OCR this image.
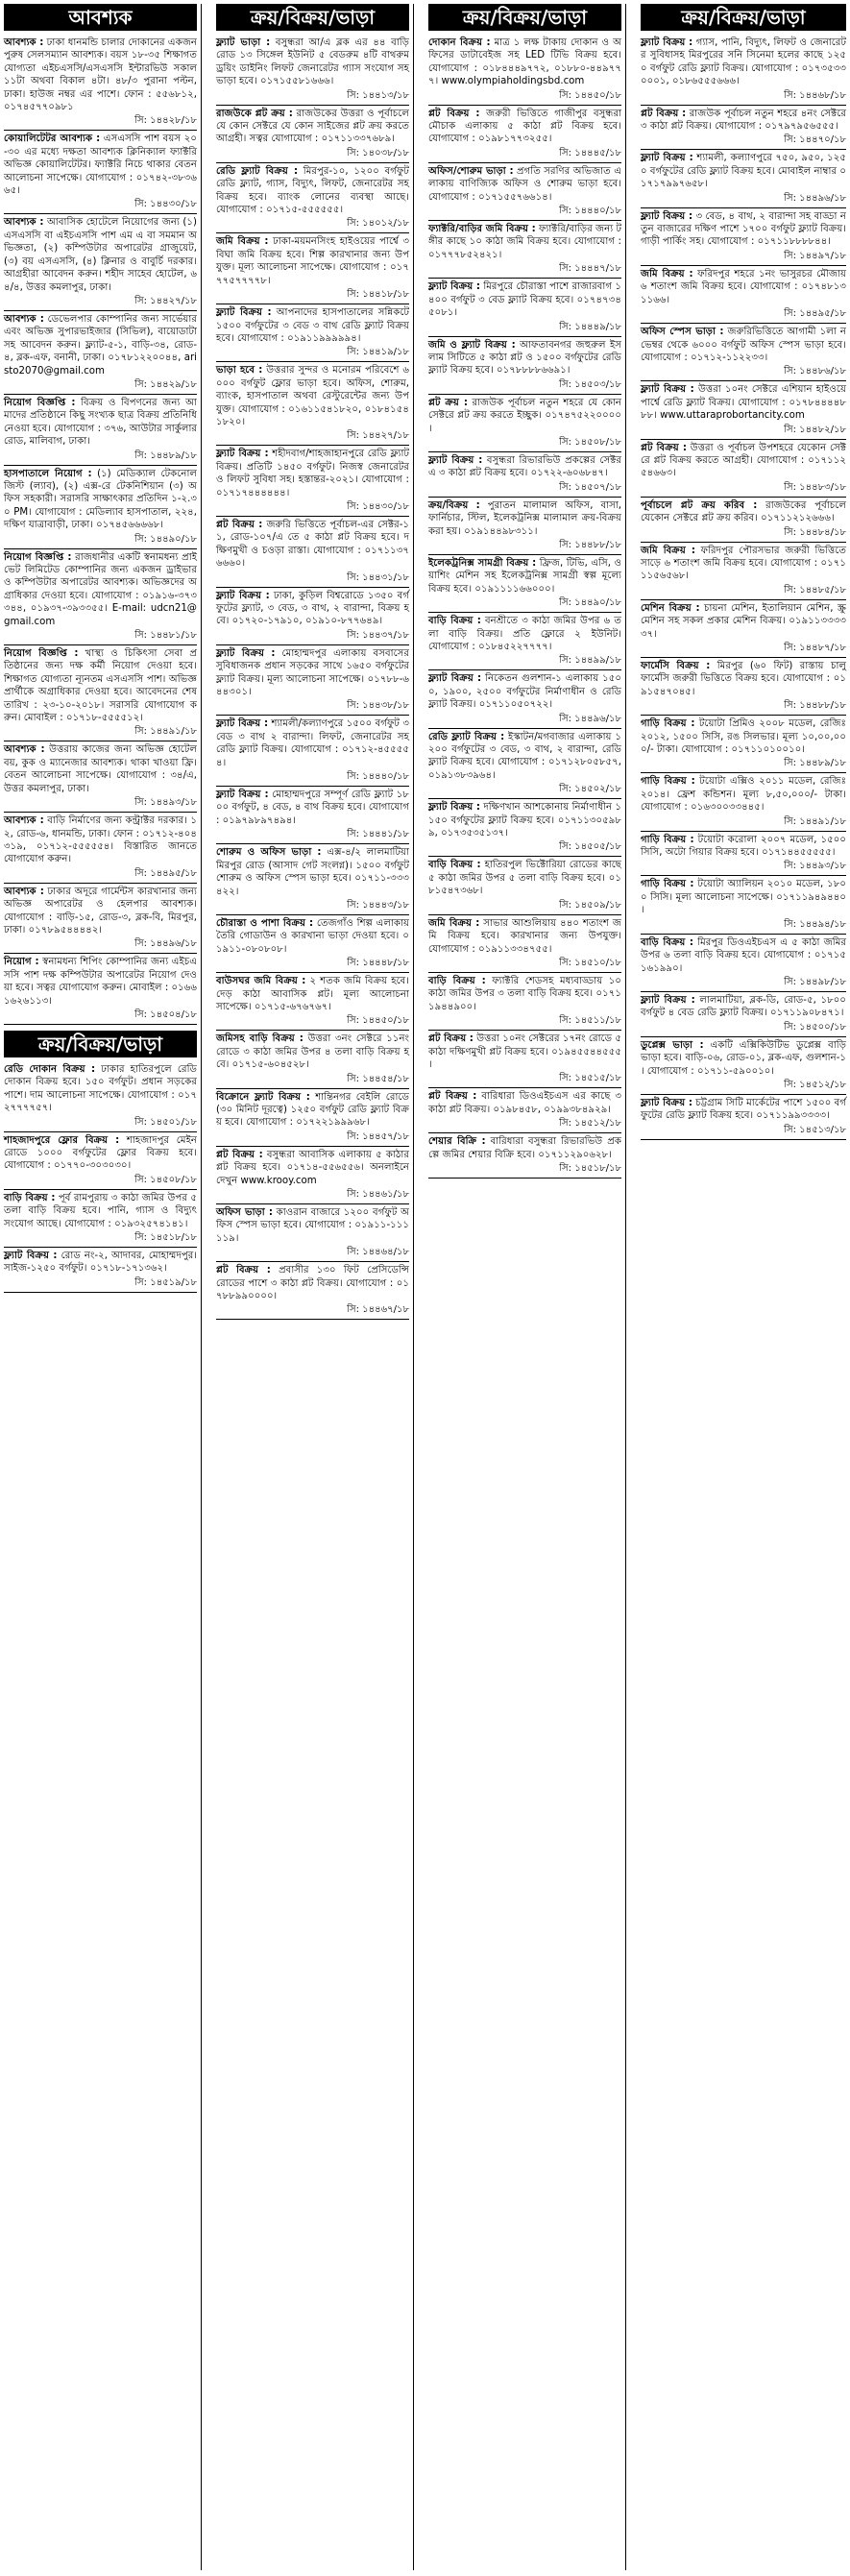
আবশ্যক
আবশ্যক : ঢাকা ধানমন্ডি চালার দোকানের একজন পুরুষ সেলসম্যান আবশ্যক। বয়স ১৮-৩৫ শিক্ষাগত যোগ্যতা এইচএসসি/এসএসসি ইন্টারভিউ সকাল ১১টা অথবা বিকাল ৪টা। ৪৮/৩ পুরানা পল্টন, ঢাকা। হাউজ নম্বর এর পাশে। ফোন : ৫৫৬৮১২, ০১৭৪৫৭৭০৯৮১
সি: ১৪৪২৮/১৮
কোয়ালিটেটর আবশ্যক : এসএসসি পাশ বয়স ২০-৩০ এর মধ্যে দক্ষতা আবশ্যক ক্লিনিক্যাল ফ্যাক্টরি অভিজ্ঞ কোয়ালিটেটর। ফ্যাক্টরি নিচে থাকার বেতন আলোচনা সাপেক্ষে। যোগাযোগ : ০১৭৪২-৩৮৩৬৬৫।
সি: ১৪৪৩০/১৮
আবশ্যক : আবাসিক হোটেলে নিয়োগের জন্য (১) এসএসসি বা এইচএসসি পাশ এম এ বা সমমান অভিজ্ঞতা, (২) কম্পিউটার অপারেটর গ্রাজুয়েট, (৩) বয় এসএসসি, (৪) ক্লিনার ও বাবুর্চি দরকার। আগ্রহীরা আবেদন করুন। শহীদ সাহেব হোটেল, ৬৪/৪, উত্তর কমলাপুর, ঢাকা।
সি: ১৪৪২৭/১৮
আবশ্যক : ডেভেলপার কোম্পানির জন্য সার্ভেয়ার এবং অভিজ্ঞ সুপারভাইজার (সিভিল), বায়োডাটা সহ আবেদন করুন। ফ্ল্যাট-৫-১, বাড়ি-৩৪, রোড-৪, ব্লক-এফ, বনানী, ঢাকা। ০১৭৮১২২০০৪৪, aristo2070@gmail.com
সি: ১৪৪২৯/১৮
নিয়োগ বিজ্ঞপ্তি : বিক্রয় ও বিপণনের জন্য আমাদের প্রতিষ্ঠানে কিছু সংখ্যক ছাত্র বিক্রয় প্রতিনিধি নেওয়া হবে। যোগাযোগ : ৩৭৬, আউটার সার্কুলার রোড, মালিবাগ, ঢাকা।
সি: ১৪৪৮৯/১৮
হাসপাতালে নিয়োগ : (১) মেডিক্যাল টেকনোলজিস্ট (ল্যাব), (২) এক্স-রে টেকনিশিয়ান (৩) অফিস সহকারী। সরাসরি সাক্ষাৎকার প্রতিদিন ১-২.৩০ PM। যোগাযোগ : মেডিল্যাব হাসপাতাল, ২২৪, দক্ষিণ যাত্রাবাড়ী, ঢাকা। ০১৭৪৫৬৬৬৬৮।
সি: ১৪৪৯০/১৮
নিয়োগ বিজ্ঞপ্তি : রাজধানীর একটি স্বনামধন্য প্রাইভেট লিমিটেড কোম্পানির জন্য একজন ড্রাইভার ও কম্পিউটার অপারেটর আবশ্যক। অভিজ্ঞদের অগ্রাধিকার দেওয়া হবে। যোগাযোগ : ০১৯১৬-৩৭৩৩৪৪, ০১৯৩৭-৩৯৩৩৫৫। E-mail: udcn21@gmail.com
সি: ১৪৪৮১/১৮
নিয়োগ বিজ্ঞপ্তি : খাস্থ্য ও চিকিৎসা সেবা প্রতিষ্ঠানের জন্য দক্ষ কর্মী নিয়োগ দেওয়া হবে। শিক্ষাগত যোগ্যতা ন্যূনতম এসএসসি পাশ। অভিজ্ঞ প্রার্থীকে অগ্রাধিকার দেওয়া হবে। আবেদনের শেষ তারিখ : ২৩-১০-২০১৮। সরাসরি যোগাযোগ করুন। মোবাইল : ০১৭১৮-৫৫৫৫১২।
সি: ১৪৪৯১/১৮
আবশ্যক : উত্তরায় কাজের জন্য অভিজ্ঞ হোটেল বয়, কুক ও ম্যানেজার আবশ্যক। থাকা খাওয়া ফ্রি। বেতন আলোচনা সাপেক্ষে। যোগাযোগ : ৩৪/এ, উত্তর কমলাপুর, ঢাকা।
সি: ১৪৪৯৩/১৮
আবশ্যক : বাড়ি নির্মাণের জন্য কন্ট্রাক্টর দরকার। ১২, রোড-৬, ধানমন্ডি, ঢাকা। ফোন : ০১৭১২-৪০৪৩১৯, ০১৭১২-৫৫৫৫৫৪। বিস্তারিত জানতে যোগাযোগ করুন।
সি: ১৪৪৯৫/১৮
আবশ্যক : ঢাকার অদূরে গার্মেন্টস কারখানার জন্য অভিজ্ঞ অপারেটর ও হেলপার আবশ্যক। যোগাযোগ : বাড়ি-১৫, রোড-৩, ব্লক-বি, মিরপুর, ঢাকা। ০১৭৮৯৫৪৪৪৪২।
সি: ১৪৪৯৬/১৮
নিয়োগ : স্বনামধন্য শিপিং কোম্পানির জন্য এইচএসসি পাশ দক্ষ কম্পিউটার অপারেটর নিয়োগ দেওয়া হবে। সত্বর যোগাযোগ করুন। মোবাইল : ০১৬৬১৬২৬১১৩।
সি: ১৪৫০৪/১৮
ক্রয়/বিক্রয়/ভাড়া
রেডি দোকান বিক্রয় : ঢাকার হাতিরপুলে রেডি দোকান বিক্রয় হবে। ১৫০ বর্গফুট। প্রধান সড়কের পাশে। দাম আলোচনা সাপেক্ষে। যোগাযোগ : ০১৭২৭৭৭৭৫৭।
সি: ১৪৫০১/১৮
শাহজাদপুরে ফ্লোর বিক্রয় : শাহজাদপুর মেইন রোডে ১০০০ বর্গফুটের ফ্লোর বিক্রয় হবে। যোগাযোগ : ০১৭৭০-৩০৩০৩০।
সি: ১৪৫০৮/১৮
বাড়ি বিক্রয় : পূর্ব রামপুরায় ৩ কাঠা জমির উপর ৫ তলা বাড়ি বিক্রয় হবে। পানি, গ্যাস ও বিদ্যুৎ সংযোগ আছে। যোগাযোগ : ০১৯৩২৫৭৪১৪১।
সি: ১৪৫১৮/১৮
ফ্ল্যাট বিক্রয় : রোড নং-২, আদাবর, মোহাম্মদপুর। সাইজ-১২৫০ বর্গফুট। ০১৭১৮-১৭১৩৬২।
সি: ১৪৫১৯/১৮
ক্রয়/বিক্রয়/ভাড়া
ফ্ল্যাট ভাড়া : বসুন্ধরা আ/এ ব্লক এর ৪৪ বাড়ি রোড ১৩ সিঙ্গেল ইউনিট ৫ বেডরুম ৪টি বাথরুম ড্রয়িং ডাইনিং লিফট জেনারেটর গ্যাস সংযোগ সহ ভাড়া হবে। ০১৭১৫৫৮১৬৬৬।
সি: ১৪৪১৩/১৮
রাজউকে প্লট ক্রয় : রাজউকের উত্তরা ও পূর্বাচলে যে কোন সেক্টরে যে কোন সাইজের প্লট ক্রয় করতে আগ্রহী। সত্বর যোগাযোগ : ০১৭১১৩৩৭৬৮৯।
সি: ১৪০৩৮/১৮
রেডি ফ্ল্যাট বিক্রয় : মিরপুর-১০, ১২০০ বর্গফুট রেডি ফ্ল্যাট, গ্যাস, বিদ্যুৎ, লিফট, জেনারেটর সহ বিক্রয় হবে। ব্যাংক লোনের ব্যবস্থা আছে। যোগাযোগ : ০১৭১৫-৫৫৫৫৫৫।
সি: ১৪০১২/১৮
জমি বিক্রয় : ঢাকা-ময়মনসিংহ হাইওয়ের পার্শ্বে ৩ বিঘা জমি বিক্রয় হবে। শিল্প কারখানার জন্য উপযুক্ত। মূল্য আলোচনা সাপেক্ষে। যোগাযোগ : ০১৭৭৭৫৭৭৭৭৮।
সি: ১৪৪১৮/১৮
ফ্ল্যাট বিক্রয় : আপনাদের হাসপাতালের সন্নিকটে ১৫০০ বর্গফুটের ৩ বেড ৩ বাথ রেডি ফ্ল্যাট বিক্রয় হবে। যোগাযোগ : ০১৯১১৯৯৯৯৯৪।
সি: ১৪৪১৯/১৮
ভাড়া হবে : উত্তরার সুন্দর ও মনোরম পরিবেশে ৬০০০ বর্গফুট ফ্লোর ভাড়া হবে। অফিস, শোরুম, ব্যাংক, হাসপাতাল অথবা রেস্টুরেন্টের জন্য উপযুক্ত। যোগাযোগ : ০১৬১১৫৪১৮২০, ০১৮৪১৫৪১৮২০।
সি: ১৪৪২৭/১৮
ফ্ল্যাট বিক্রয় : শহীদবাগ/শাহজাহানপুরে রেডি ফ্ল্যাট বিক্রয়। প্রতিটি ১৪৫০ বর্গফুট। নিজস্ব জেনারেটর ও লিফট সুবিধা সহ। হস্তান্তর-২০২১। যোগাযোগ : ০১৭১৭৪৪৪৪৪৪।
সি: ১৪৪৩০/১৮
প্লট বিক্রয় : জরুরি ভিত্তিতে পূর্বাচল-এর সেক্টর-১১, রোড-১০৭/এ তে ৫ কাঠা প্লট বিক্রয় হবে। দক্ষিণমুখী ও চওড়া রাস্তা। যোগাযোগ : ০১৭১১৩৭৬৬৬০।
সি: ১৪৪৩১/১৮
ফ্ল্যাট বিক্রয় : ঢাকা, কুড়িল বিশ্বরোডে ১৩৫০ বর্গফুটের ফ্ল্যাট, ৩ বেড, ৩ বাথ, ২ বারান্দা, বিক্রয় হবে। ০১৭২০-১৭৯১০, ০১৯১০-৮৭৭৬৪৯।
সি: ১৪৪৩৭/১৮
ফ্ল্যাট বিক্রয় : মোহাম্মদপুর এলাকায় বসবাসের সুবিধাজনক প্রধান সড়কের সাথে ১৬৫০ বর্গফুটের ফ্ল্যাট বিক্রয়। মূল্য আলোচনা সাপেক্ষে। ০১৭৮৮-৬৪৪৩০১।
সি: ১৪৪৩৮/১৮
ফ্ল্যাট বিক্রয় : শ্যামলী/কল্যাণপুরে ১৫০০ বর্গফুট ৩ বেড ৩ বাথ ২ বারান্দা। লিফট, জেনারেটর সহ রেডি ফ্ল্যাট বিক্রয়। যোগাযোগ : ০১৭১২-৪৫৫৫৫৪।
সি: ১৪৪৪০/১৮
ফ্ল্যাট বিক্রয় : মোহাম্মদপুরে সম্পূর্ণ রেডি ফ্ল্যাট ১৮০০ বর্গফুট, ৪ বেড, ৪ বাথ বিক্রয় হবে। যোগাযোগ : ০১৯৭৯৮৯৭৪৯৪।
সি: ১৪৪৪১/১৮
শোরুম ও অফিস ভাড়া : এক্স-৪/২ লালমাটিয়া মিরপুর রোড (আসাদ গেট সংলগ্ন)। ১৫০০ বর্গফুট শোরুম ও অফিস স্পেস ভাড়া হবে। ০১৭১১-৩৩৩৪২২।
সি: ১৪৪৪৩/১৮
চৌরাস্তা ও পাশা বিক্রয় : তেজগাঁও শিল্প এলাকায় তৈরি গোডাউন ও কারখানা ভাড়া দেওয়া হবে। ০১৯১১-০৮০৮০৮।
সি: ১৪৪৪৮/১৮
বাউসঘর জমি বিক্রয় : ২ শতক জমি বিক্রয় হবে। দেড় কাঠা আবাসিক প্লট। মূল্য আলোচনা সাপেক্ষে। ০১৭১৫-৬৭৬৭৬৭।
সি: ১৪৪৫০/১৮
জমিসহ বাড়ি বিক্রয় : উত্তরা ৩নং সেক্টরে ১১নং রোডে ৩ কাঠা জমির উপর ৪ তলা বাড়ি বিক্রয় হবে। ০১৭১৫-৬০৪৫২৮।
সি: ১৪৪৫৪/১৮
বিক্রোনে ফ্ল্যাট বিক্রয় : শান্তিনগর বেইলি রোডে (৩০ মিনিট দূরত্বে) ১২৫০ বর্গফুট রেডি ফ্ল্যাট বিক্রয় হবে। যোগাযোগ : ০১৭২২১৯৯৯৬৮।
সি: ১৪৪৫৭/১৮
প্লট বিক্রয় : বসুন্ধরা আবাসিক এলাকায় ৫ কাঠার প্লট বিক্রয় হবে। ০১৭১৪-৫৫৬৫৫৬। অনলাইনে দেখুন www.krooy.com
সি: ১৪৪৬১/১৮
অফিস ভাড়া : কাওরান বাজারে ১২০০ বর্গফুট অফিস স্পেস ভাড়া হবে। যোগাযোগ : ০১৯১১-১১১১১৯।
সি: ১৪৪৬৪/১৮
প্লট বিক্রয় : প্রবাসীর ১৩০ ফিট প্রেসিডেন্সি রোডের পাশে ৩ কাঠা প্লট বিক্রয়। যোগাযোগ : ০১৭৮৮৯৯০০০০।
সি: ১৪৪৬৭/১৮
ক্রয়/বিক্রয়/ভাড়া
দোকান বিক্রয় : মাত্র ১ লক্ষ টাকায় দোকান ও অফিসের ডাটাবেইজ সহ LED টিভি বিক্রয় হবে। যোগাযোগ : ০১৮৪৪৪৯৭৭২, ০১৮৮০-৪৪৯৭৭৭। www.olympiaholdingsbd.com
সি: ১৪৪৫০/১৮
প্লট বিক্রয় : জরুরী ভিত্তিতে গাজীপুর বসুন্ধরা মৌচাক এলাকায় ৫ কাঠা প্লট বিক্রয় হবে। যোগাযোগ : ০১৯৮১৭৭৩২৫৫।
সি: ১৪৪৪৫/১৮
অফিস/শোরুম ভাড়া : প্রগতি সরণির অভিজাত এলাকায় বাণিজ্যিক অফিস ও শোরুম ভাড়া হবে। যোগাযোগ : ০১৭১৫৫৭৬৬১৪।
সি: ১৪৪৪০/১৮
ফ্যাক্টরি/বাড়ির জমি বিক্রয় : ফ্যাক্টরি/বাড়ির জন্য টঙ্গীর কাছে ১০ কাঠা জমি বিক্রয় হবে। যোগাযোগ : ০১৭৭৭৮৫২৪২১।
সি: ১৪৪৪৭/১৮
ফ্ল্যাট বিক্রয় : মিরপুরে চৌরাস্তা পাশে রাজারবাগ ১৪০০ বর্গফুট ৩ বেড ফ্ল্যাট বিক্রয় হবে। ০১৭৪৭৩৪৫০৮১।
সি: ১৪৪৪৯/১৮
জমি ও ফ্ল্যাট বিক্রয় : আফতাবনগর জহুরুল ইসলাম সিটিতে ৫ কাঠা প্লট ও ১৫০০ বর্গফুটের রেডি ফ্ল্যাট বিক্রয় হবে। ০১৭৮৮৮৮৬৬৯১।
সি: ১৪৫০৩/১৮
প্লট ক্রয় : রাজউক পূর্বাচল নতুন শহরে যে কোন সেক্টরে প্লট ক্রয় করতে ইচ্ছুক। ০১৭৪৭৫২২০০০০।
সি: ১৪৫০৮/১৮
ফ্ল্যাট বিক্রয় : বসুন্ধরা রিভারভিউ প্রকল্পের সেক্টর এ ৩ কাঠা প্লট বিক্রয় হবে। ০১৭২২-৬০৬৮৪৭।
সি: ১৪৫০৭/১৮
ক্রয়/বিক্রয় : পুরাতন মালামাল অফিস, বাসা, ফার্নিচার, স্টিল, ইলেকট্রনিক্স মালামাল ক্রয়-বিক্রয় করা হয়। ০১৯১৪৪৯৮৩১১।
সি: ১৪৪৮৮/১৮
ইলেকট্রনিক্স সামগ্রী বিক্রয় : ফ্রিজ, টিভি, এসি, ওয়াশিং মেশিন সহ ইলেকট্রনিক্স সামগ্রী স্বল্প মূল্যে বিক্রয় হবে। ০১৯১১১১৬৬০০০।
সি: ১৪৪৯০/১৮
বাড়ি বিক্রয় : বনশ্রীতে ৩ কাঠা জমির উপর ৬ তলা বাড়ি বিক্রয়। প্রতি ফ্লোরে ২ ইউনিট। যোগাযোগ : ০১৮৪৫২২৭৭৭৭।
সি: ১৪৪৯৯/১৮
ফ্ল্যাট বিক্রয় : নিকেতন গুলশান-১ এলাকায় ১৫০০, ১৯০০, ২৫০০ বর্গফুটের নির্মাণাধীন ও রেডি ফ্ল্যাট বিক্রয়। ০১৭১১০৫০৭২২।
সি: ১৪৪৯৬/১৮
রেডি ফ্ল্যাট বিক্রয় : ইস্কাটন/মগবাজার এলাকায় ১২০০ বর্গফুটের ৩ বেড, ৩ বাথ, ২ বারান্দা, রেডি ফ্ল্যাট বিক্রয় হবে। যোগাযোগ : ০১৭১২৮০৫৮৫৭, ০১৯১৩৮৩৯৬৪।
সি: ১৪৫০২/১৮
ফ্ল্যাট বিক্রয় : দক্ষিণখান আশকোনায় নির্মাণাধীন ১১৫০ বর্গফুটের ফ্ল্যাট বিক্রয় হবে। ০১৭১১৩০৫৯৮৯, ০১৭৩৫৩৫১৩৭।
সি: ১৪৫০৫/১৮
বাড়ি বিক্রয় : হাতিরপুল ভিক্টোরিয়া রোডের কাছে ৫ কাঠা জমির উপর ৫ তলা বাড়ি বিক্রয় হবে। ০১৮১৫৪৭৩৬৮।
সি: ১৪৫০৯/১৮
জমি বিক্রয় : সাভার আশুলিয়ায় ৪৪০ শতাংশ জমি বিক্রয় হবে। কারখানার জন্য উপযুক্ত। যোগাযোগ : ০১৯১১৩৩৪৭৫৫।
সি: ১৪৫১০/১৮
বাড়ি বিক্রয় : ফ্যাক্টরি শেডসহ মধ্যবাড্ডায় ১০ কাঠা জমির উপর ৩ তলা বাড়ি বিক্রয় হবে। ০১৭১১৯৪৪৯০০।
সি: ১৪৫১১/১৮
প্লট বিক্রয় : উত্তরা ১০নং সেক্টরের ১৭নং রোডে ৫ কাঠা দক্ষিণমুখী প্লট বিক্রয় হবে। ০১৯৪৫৫৪৪৫৫৫।
সি: ১৪৫১৫/১৮
প্লট বিক্রয় : বারিধারা ডিওএইচএস এর কাছে ৩ কাঠা প্লট বিক্রয়। ০১৯৮৪৫৮, ০১৯৯৩৮৪৯২৯।
সি: ১৪৫১২/১৮
শেয়ার বিক্রি : বারিধারা বসুন্ধরা রিভারভিউ প্রকল্পে জমির শেয়ার বিক্রি হবে। ০১৭১১২৯০৬২৮।
সি: ১৪৫১৮/১৮
ক্রয়/বিক্রয়/ভাড়া
ফ্ল্যাট বিক্রয় : গ্যাস, পানি, বিদ্যুৎ, লিফট ও জেনারেটর সুবিধাসহ মিরপুরের সনি সিনেমা হলের কাছে ১২৫০ বর্গফুট রেডি ফ্ল্যাট বিক্রয়। যোগাযোগ : ০১৭৩৫৩৩০০০১, ০১৮৬৫৫৫৬৬৬।
সি: ১৪৪৬৮/১৮
প্লট বিক্রয় : রাজউক পূর্বাচল নতুন শহরে ৪নং সেক্টরে ৩ কাঠা প্লট বিক্রয়। যোগাযোগ : ০১৭৯৭৯৫৬৫৫৫।
সি: ১৪৪৭০/১৮
ফ্ল্যাট বিক্রয় : শ্যামলী, কল্যাণপুরে ৭৫০, ৯৫০, ১২৫০ বর্গফুটের রেডি ফ্ল্যাট বিক্রয় হবে। মোবাইল নাম্বার ০১৭১৭৯৯৭৬৫৮।
সি: ১৪৪৯৬/১৮
ফ্ল্যাট বিক্রয় : ৩ বেড, ৪ বাথ, ২ বারান্দা সহ বাড্ডা নতুন বাজারের দক্ষিণ পাশে ১৭০০ বর্গফুট ফ্ল্যাট বিক্রয়। গাড়ী পার্কিং সহ। যোগাযোগ : ০১৭১১৮৮৮৮৪৪।
সি: ১৪৪৯৭/১৮
জমি বিক্রয় : ফরিদপুর শহরে ১নং ভাসুরচর মৌজায় ৬ শতাংশ জমি বিক্রয় হবে। যোগাযোগ : ০১৭৪৮১৩১১৬৬।
সি: ১৪৪৯৫/১৮
অফিস স্পেস ভাড়া : জরুরিভিত্তিতে আগামী ১লা নভেম্বর থেকে ৬০০০ বর্গফুট অফিস স্পেস ভাড়া হবে। যোগাযোগ : ০১৭১২-১১২২৩৩।
সি: ১৪৪৮৬/১৮
ফ্ল্যাট বিক্রয় : উত্তরা ১০নং সেক্টরে এশিয়ান হাইওয়ে পার্শ্বে রেডি ফ্ল্যাট বিক্রয়। যোগাযোগ : ০১৭৮৪৪৪৪৮৮৮। www.uttaraprobortancity.com
সি: ১৪৪৮২/১৮
প্লট বিক্রয় : উত্তরা ও পূর্বাচল উপশহরে যেকোন সেক্টরে প্লট বিক্রয় করতে আগ্রহী। যোগাযোগ : ০১৭১১২৫৪৬৬৩।
সি: ১৪৪৮৩/১৮
পূর্বাচলে প্লট ক্রয় করিব : রাজউকের পূর্বাচলে যেকোন সেক্টরে প্লট ক্রয় করিব। ০১৭১১২১২৬৬৬।
সি: ১৪৪৮৪/১৮
জমি বিক্রয় : ফরিদপুর পৌরসভার জরুরী ভিত্তিতে সাড়ে ৬ শতাংশ জমি বিক্রয় হবে। যোগাযোগ : ০১৭১১১৫৬৫৬৮।
সি: ১৪৪৮৫/১৮
মেশিন বিক্রয় : চায়না মেশিন, ইতালিয়ান মেশিন, স্ক্রু মেশিন সহ সকল প্রকার মেশিন বিক্রয়। ০১৯১১৩৩৩৩৩৭।
সি: ১৪৪৮৭/১৮
ফার্মেসি বিক্রয় : মিরপুর (৬০ ফিট) রাস্তায় চালু ফার্মেসি জরুরী ভিত্তিতে বিক্রয় হবে। যোগাযোগ : ০১৯১৫৪৭০৪৫।
সি: ১৪৪৮৮/১৮
গাড়ি বিক্রয় : টয়োটা প্রিমিও ২০০৮ মডেল, রেজিঃ ২০১২, ১৫০০ সিসি, রঙ সিলভার। মূল্য ১০,০০,০০০/- টাকা। যোগাযোগ : ০১৭১১০১০০১০।
সি: ১৪৪৮৯/১৮
গাড়ি বিক্রয় : টয়োটা এক্সিও ২০১১ মডেল, রেজিঃ ২০১৪। ফ্রেশ কন্ডিশন। মূল্য ৮,৫০,০০০/- টাকা। যোগাযোগ : ০১৬৩০০৩৩৪৪৫।
সি: ১৪৪৯১/১৮
গাড়ি বিক্রয় : টয়োটা করোলা ২০০৭ মডেল, ১৫০০ সিসি, অটো গিয়ার বিক্রয় হবে। ০১৭১৪৪৫৫৫৫৫।
সি: ১৪৪৯৩/১৮
গাড়ি বিক্রয় : টয়োটা অ্যালিয়ন ২০১০ মডেল, ১৮০০ সিসি। মূল্য আলোচনা সাপেক্ষে। ০১৭১১৯৪৯৪৪০।
সি: ১৪৪৯৪/১৮
বাড়ি বিক্রয় : মিরপুর ডিওএইচএস এ ৫ কাঠা জমির উপর ৬ তলা বাড়ি বিক্রয় হবে। যোগাযোগ : ০১৭১৫১৬১৯৯০।
সি: ১৪৪৯৮/১৮
ফ্ল্যাট বিক্রয় : লালমাটিয়া, ব্লক-ডি, রোড-৫, ১৮০০ বর্গফুট ৪ বেড রেডি ফ্ল্যাট বিক্রয়। ০১৭১১৯০৮৪৭১।
সি: ১৪৫০০/১৮
ডুপ্লেক্স ভাড়া : একটি এক্সিকিউটিভ ডুপ্লেক্স বাড়ি ভাড়া হবে। বাড়ি-০৬, রোড-০১, ব্লক-এফ, গুলশান-১। যোগাযোগ : ০১৭১১-৫৯০০১০।
সি: ১৪৫১২/১৮
ফ্ল্যাট বিক্রয় : চট্টগ্রাম সিটি মার্কেটের পাশে ১৫০০ বর্গফুটের রেডি ফ্ল্যাট বিক্রয় হবে। ০১৭১১৯৯৩৩৩৩।
সি: ১৪৫১৩/১৮
